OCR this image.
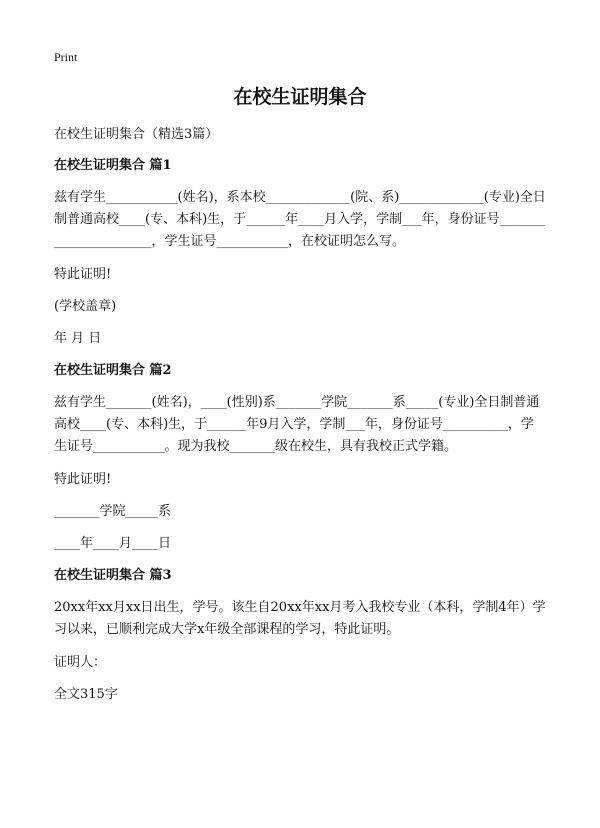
Print

在校生证明集合

在校生证明集合（精选3篇）

在校生证明集合 篇1

兹有学生___________(姓名)，系本校_____________(院、系)_____________(专业)全日制普通高校____(专、本科)生，于______年____月入学，学制___年，身份证号______________________，学生证号___________，在校证明怎么写。

特此证明!

(学校盖章)

年 月 日

在校生证明集合 篇2

兹有学生_______(姓名)，____(性别)系_______学院_______系_____(专业)全日制普通高校____(专、本科)生，于______年9月入学，学制___年，身份证号__________，学生证号___________。现为我校_______级在校生，具有我校正式学籍。

特此证明!

_______学院_____系

____年____月____日

在校生证明集合 篇3

20xx年xx月xx日出生，学号。该生自20xx年xx月考入我校专业（本科，学制4年）学习以来，已顺利完成大学x年级全部课程的学习，特此证明。

证明人：

全文315字
